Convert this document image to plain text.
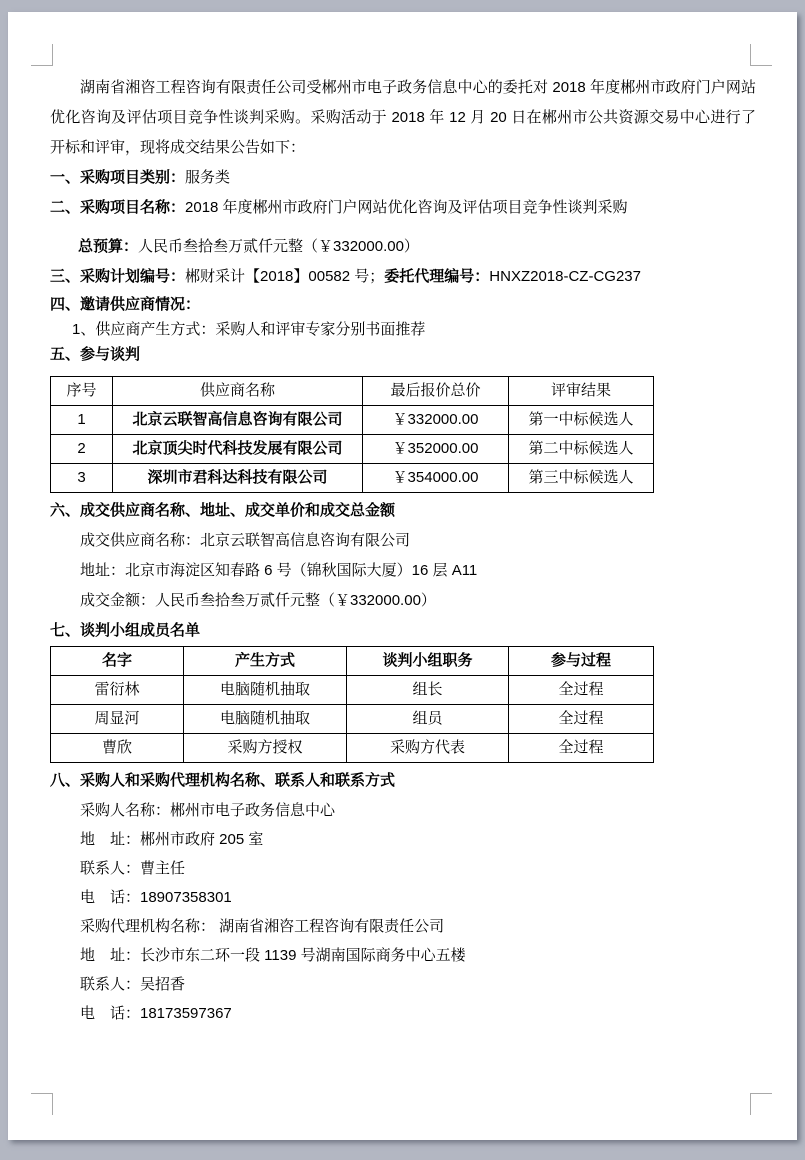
湖南省湘咨工程咨询有限责任公司受郴州市电子政务信息中心的委托对 2018 年度郴州市政府门户网站优化咨询及评估项目竞争性谈判采购。采购活动于 2018 年 12 月 20 日在郴州市公共资源交易中心进行了开标和评审，现将成交结果公告如下：

一、采购项目类别：服务类
二、采购项目名称：2018 年度郴州市政府门户网站优化咨询及评估项目竞争性谈判采购
总预算：人民币叁拾叁万贰仟元整（￥332000.00）
三、采购计划编号：郴财采计【2018】00582 号；委托代理编号：HNXZ2018-CZ-CG237
四、邀请供应商情况：
1、供应商产生方式：采购人和评审专家分别书面推荐
五、参与谈判
序号	供应商名称	最后报价总价	评审结果
1	北京云联智高信息咨询有限公司	￥332000.00	第一中标候选人
2	北京顶尖时代科技发展有限公司	￥352000.00	第二中标候选人
3	深圳市君科达科技有限公司	￥354000.00	第三中标候选人
六、成交供应商名称、地址、成交单价和成交总金额
成交供应商名称：北京云联智高信息咨询有限公司
地址：北京市海淀区知春路 6 号（锦秋国际大厦）16 层 A11
成交金额：人民币叁拾叁万贰仟元整（￥332000.00）
七、谈判小组成员名单
名字	产生方式	谈判小组职务	参与过程
雷衍林	电脑随机抽取	组长	全过程
周显河	电脑随机抽取	组员	全过程
曹欣	采购方授权	采购方代表	全过程
八、采购人和采购代理机构名称、联系人和联系方式
采购人名称：郴州市电子政务信息中心
地　址：郴州市政府 205 室
联系人：曹主任
电　话：18907358301
采购代理机构名称： 湖南省湘咨工程咨询有限责任公司
地　址：长沙市东二环一段 1139 号湖南国际商务中心五楼
联系人：吴招香
电　话：18173597367
